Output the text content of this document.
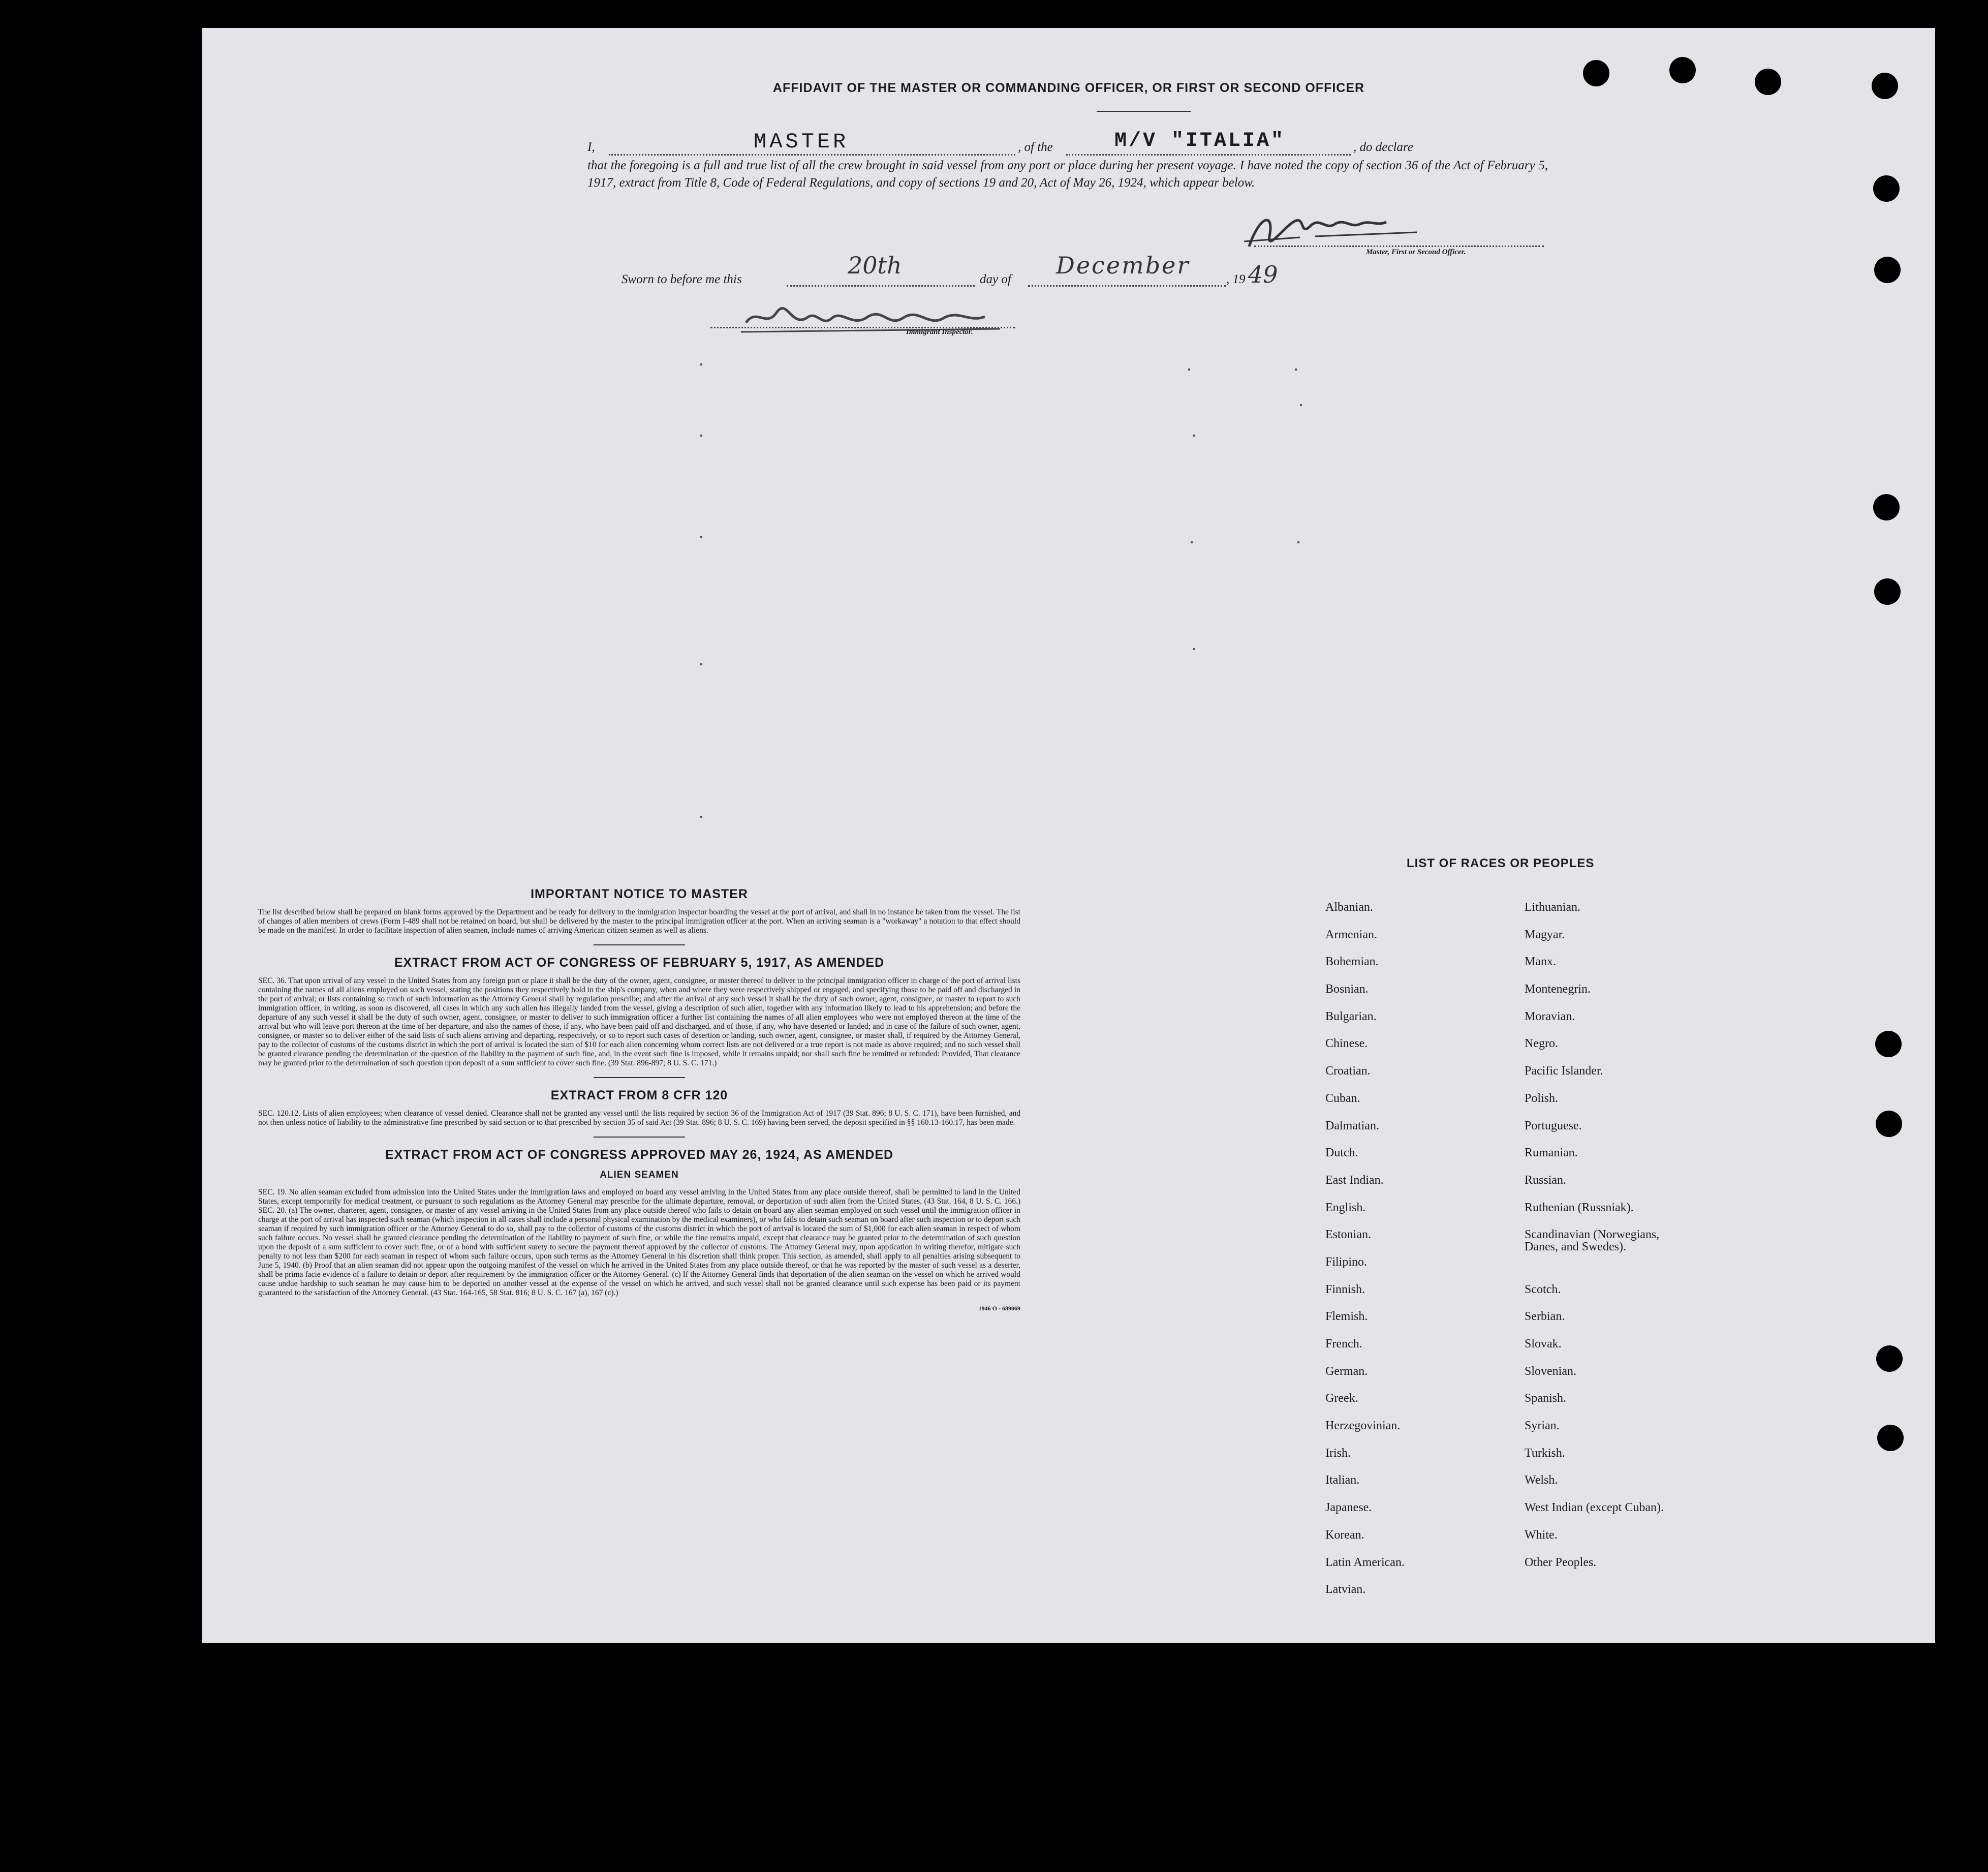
AFFIDAVIT OF THE MASTER OR COMMANDING OFFICER, OR FIRST OR SECOND OFFICER
I,	MASTER	, of the	M/V "ITALIA"	, do declare
that the foregoing is a full and true list of all the crew brought in said vessel from any port or place during her present voyage. I have noted the copy of section 36 of the Act of February 5, 1917, extract from Title 8, Code of Federal Regulations, and copy of sections 19 and 20, Act of May 26, 1924, which appear below.
Master, First or Second Officer.
Sworn to before me this
20th
day of
December
, 19 49
Immigrant Inspector.
IMPORTANT NOTICE TO MASTER

The list described below shall be prepared on blank forms approved by the Department and be ready for delivery to the immigration inspector boarding the vessel at the port of arrival, and shall in no instance be taken from the vessel. The list of changes of alien members of crews (Form I-489 shall not be retained on board, but shall be delivered by the master to the principal immigration officer at the port. When an arriving seaman is a "workaway" a notation to that effect should be made on the manifest. In order to facilitate inspection of alien seamen, include names of arriving American citizen seamen as well as aliens.

EXTRACT FROM ACT OF CONGRESS OF FEBRUARY 5, 1917, AS AMENDED

SEC. 36. That upon arrival of any vessel in the United States from any foreign port or place it shall be the duty of the owner, agent, consignee, or master thereof to deliver to the principal immigration officer in charge of the port of arrival lists containing the names of all aliens employed on such vessel, stating the positions they respectively hold in the ship's company, when and where they were respectively shipped or engaged, and specifying those to be paid off and discharged in the port of arrival; or lists containing so much of such information as the Attorney General shall by regulation prescribe; and after the arrival of any such vessel it shall be the duty of such owner, agent, consignee, or master to report to such immigration officer, in writing, as soon as discovered, all cases in which any such alien has illegally landed from the vessel, giving a description of such alien, together with any information likely to lead to his apprehension; and before the departure of any such vessel it shall be the duty of such owner, agent, consignee, or master to deliver to such immigration officer a further list containing the names of all alien employees who were not employed thereon at the time of the arrival but who will leave port thereon at the time of her departure, and also the names of those, if any, who have been paid off and discharged, and of those, if any, who have deserted or landed; and in case of the failure of such owner, agent, consignee, or master so to deliver either of the said lists of such aliens arriving and departing, respectively, or so to report such cases of desertion or landing, such owner, agent, consignee, or master shall, if required by the Attorney General, pay to the collector of customs of the customs district in which the port of arrival is located the sum of $10 for each alien concerning whom correct lists are not delivered or a true report is not made as above required; and no such vessel shall be granted clearance pending the determination of the question of the liability to the payment of such fine, and, in the event such fine is imposed, while it remains unpaid; nor shall such fine be remitted or refunded: Provided, That clearance may be granted prior to the determination of such question upon deposit of a sum sufficient to cover such fine. (39 Stat. 896-897; 8 U. S. C. 171.)

EXTRACT FROM 8 CFR 120

SEC. 120.12. Lists of alien employees; when clearance of vessel denied. Clearance shall not be granted any vessel until the lists required by section 36 of the Immigration Act of 1917 (39 Stat. 896; 8 U. S. C. 171), have been furnished, and not then unless notice of liability to the administrative fine prescribed by said section or to that prescribed by section 35 of said Act (39 Stat. 896; 8 U. S. C. 169) having been served, the deposit specified in §§ 160.13-160.17, has been made.

EXTRACT FROM ACT OF CONGRESS APPROVED MAY 26, 1924, AS AMENDED
ALIEN SEAMEN

SEC. 19. No alien seaman excluded from admission into the United States under the immigration laws and employed on board any vessel arriving in the United States from any place outside thereof, shall be permitted to land in the United States, except temporarily for medical treatment, or pursuant to such regulations as the Attorney General may prescribe for the ultimate departure, removal, or deportation of such alien from the United States. (43 Stat. 164, 8 U. S. C. 166.) SEC. 20. (a) The owner, charterer, agent, consignee, or master of any vessel arriving in the United States from any place outside thereof who fails to detain on board any alien seaman employed on such vessel until the immigration officer in charge at the port of arrival has inspected such seaman (which inspection in all cases shall include a personal physical examination by the medical examiners), or who fails to detain such seaman on board after such inspection or to deport such seaman if required by such immigration officer or the Attorney General to do so, shall pay to the collector of customs of the customs district in which the port of arrival is located the sum of $1,000 for each alien seaman in respect of whom such failure occurs. No vessel shall be granted clearance pending the determination of the liability to payment of such fine, or while the fine remains unpaid, except that clearance may be granted prior to the determination of such question upon the deposit of a sum sufficient to cover such fine, or of a bond with sufficient surety to secure the payment thereof approved by the collector of customs. The Attorney General may, upon application in writing therefor, mitigate such penalty to not less than $200 for each seaman in respect of whom such failure occurs, upon such terms as the Attorney General in his discretion shall think proper. This section, as amended, shall apply to all penalties arising subsequent to June 5, 1940. (b) Proof that an alien seaman did not appear upon the outgoing manifest of the vessel on which he arrived in the United States from any place outside thereof, or that he was reported by the master of such vessel as a deserter, shall be prima facie evidence of a failure to detain or deport after requirement by the immigration officer or the Attorney General. (c) If the Attorney General finds that deportation of the alien seaman on the vessel on which he arrived would cause undue hardship to such seaman he may cause him to be deported on another vessel at the expense of the vessel on which he arrived, and such vessel shall not be granted clearance until such expense has been paid or its payment guaranteed to the satisfaction of the Attorney General. (43 Stat. 164-165, 58 Stat. 816; 8 U. S. C. 167 (a), 167 (c).)

1946 O - 689069
LIST OF RACES OR PEOPLES
Albanian.
Armenian.
Bohemian.
Bosnian.
Bulgarian.
Chinese.
Croatian.
Cuban.
Dalmatian.
Dutch.
East Indian.
English.
Estonian.
Filipino.
Finnish.
Flemish.
French.
German.
Greek.
Herzegovinian.
Irish.
Italian.
Japanese.
Korean.
Latin American.
Latvian.
Lithuanian.
Magyar.
Manx.
Montenegrin.
Moravian.
Negro.
Pacific Islander.
Polish.
Portuguese.
Rumanian.
Russian.
Ruthenian (Russniak).
Scandinavian (Norwegians,
Danes, and Swedes).
Scotch.
Serbian.
Slovak.
Slovenian.
Spanish.
Syrian.
Turkish.
Welsh.
West Indian (except Cuban).
White.
Other Peoples.
